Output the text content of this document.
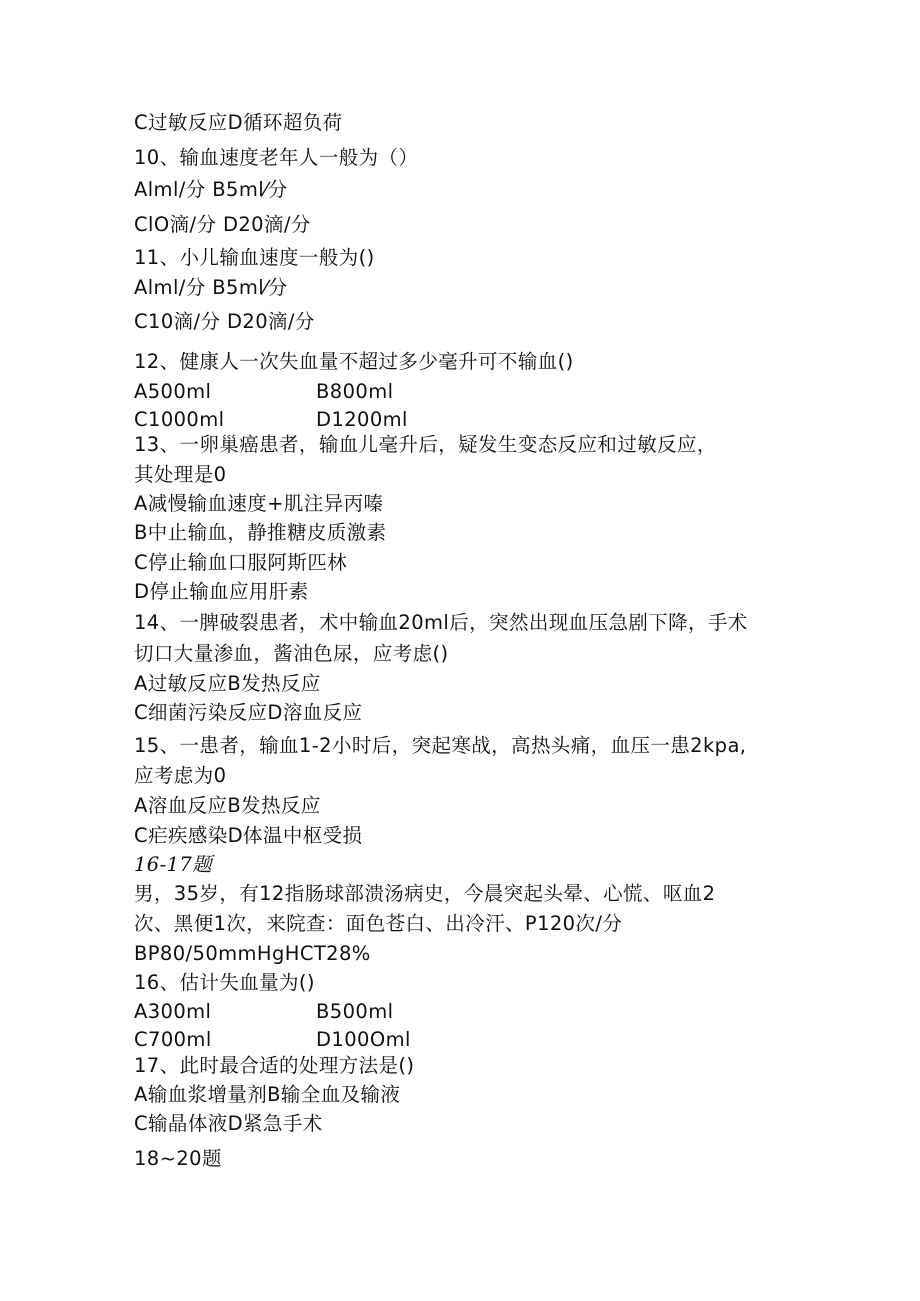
C过敏反应D循环超负荷
10、输血速度老年人一般为（）
Alml/分 B5ml⁄分
ClO滴/分 D20滴/分
11、小儿输血速度一般为()
Alml/分 B5ml⁄分
C10滴/分 D20滴/分
12、健康人一次失血量不超过多少毫升可不输血()
A500ml	B800ml
C1000ml	D1200ml
13、一卵巢癌患者，输血儿毫升后，疑发生变态反应和过敏反应，
其处理是0
A减慢输血速度+肌注异丙嗪
B中止输血，静推糖皮质激素
C停止输血口服阿斯匹林
D停止输血应用肝素
14、一脾破裂患者，术中输血20ml后，突然出现血压急剧下降，手术
切口大量渗血，酱油色尿，应考虑()
A过敏反应B发热反应
C细菌污染反应D溶血反应
15、一患者，输血1-2小时后，突起寒战，高热头痛，血压一患2kpa,
应考虑为0
A溶血反应B发热反应
C疟疾感染D体温中枢受损
16-17题
男，35岁，有12指肠球部溃汤病史，今晨突起头晕、心慌、呕血2
次、黑便1次，来院查：面色苍白、出冷汗、P120次/分
BP80/50mmHgHCT28%
16、估计失血量为()
A300ml	B500ml
C700ml	D100Oml
17、此时最合适的处理方法是()
A输血浆增量剂B输全血及输液
C输晶体液D紧急手术
18~20题
